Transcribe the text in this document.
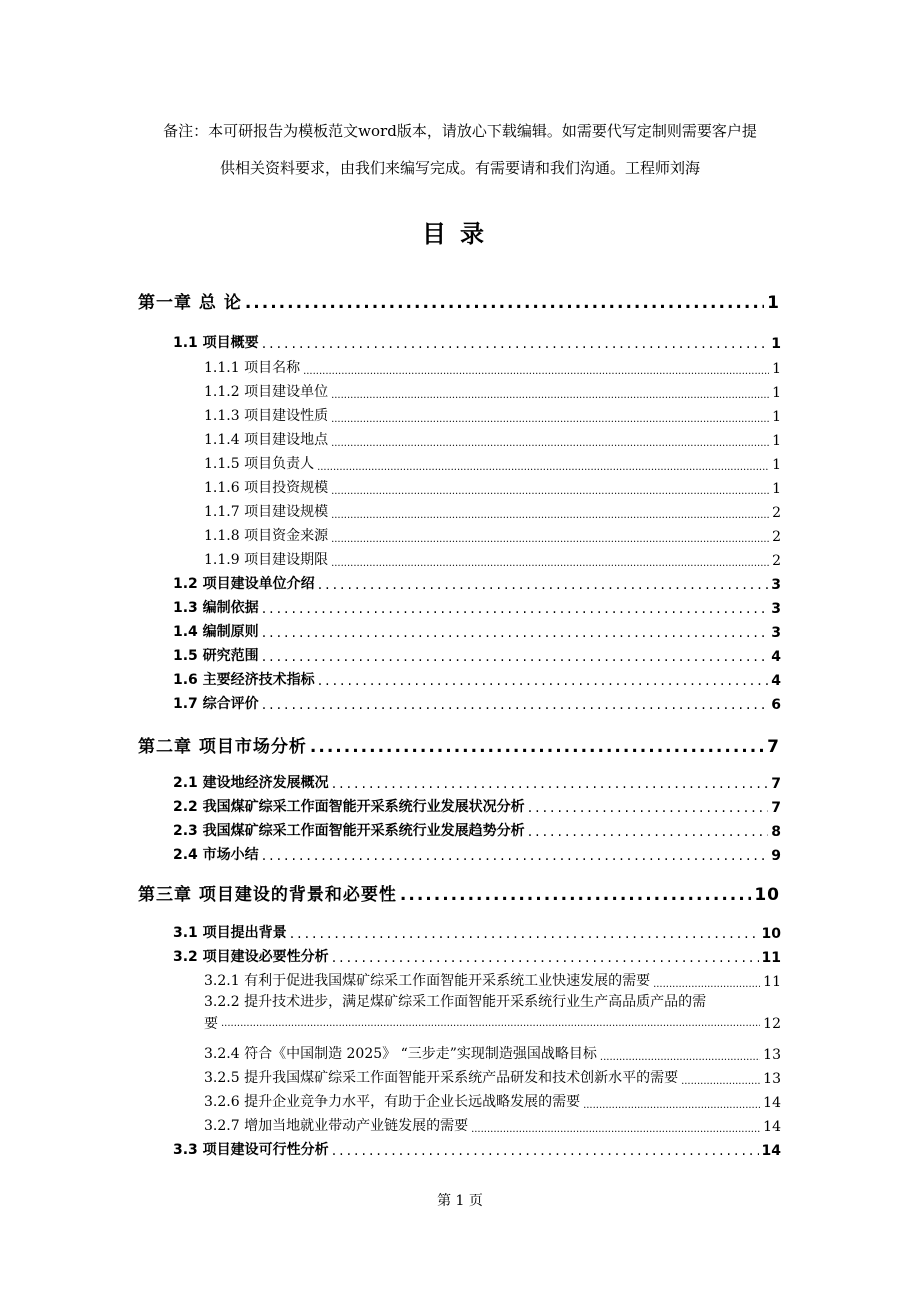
备注：本可研报告为模板范文word版本，请放心下载编辑。如需要代写定制则需要客户提
供相关资料要求，由我们来编写完成。有需要请和我们沟通。工程师刘海
目录
第一章 总 论 .....	1
1.1 项目概要 .....	1
1.1.1 项目名称 .....	1
1.1.2 项目建设单位 .....	1
1.1.3 项目建设性质 .....	1
1.1.4 项目建设地点 .....	1
1.1.5 项目负责人 .....	1
1.1.6 项目投资规模 .....	1
1.1.7 项目建设规模 .....	2
1.1.8 项目资金来源 .....	2
1.1.9 项目建设期限 .....	2
1.2 项目建设单位介绍 .....	3
1.3 编制依据 .....	3
1.4 编制原则 .....	3
1.5 研究范围 .....	4
1.6 主要经济技术指标 .....	4
1.7 综合评价 .....	6
第二章 项目市场分析 .....	7
2.1 建设地经济发展概况 .....	7
2.2 我国煤矿综采工作面智能开采系统行业发展状况分析 .....	7
2.3 我国煤矿综采工作面智能开采系统行业发展趋势分析 .....	8
2.4 市场小结 .....	9
第三章 项目建设的背景和必要性 .....	10
3.1 项目提出背景 .....	10
3.2 项目建设必要性分析 .....	11
3.2.1 有利于促进我国煤矿综采工作面智能开采系统工业快速发展的需要 .....	11
3.2.2 提升技术进步，满足煤矿综采工作面智能开采系统行业生产高品质产品的需
要 .....	12
3.2.4 符合《中国制造 2025》 “三步走”实现制造强国战略目标 .....	13
3.2.5 提升我国煤矿综采工作面智能开采系统产品研发和技术创新水平的需要 .....	13
3.2.6 提升企业竞争力水平，有助于企业长远战略发展的需要 .....	14
3.2.7 增加当地就业带动产业链发展的需要 .....	14
3.3 项目建设可行性分析 .....	14
第 1 页
